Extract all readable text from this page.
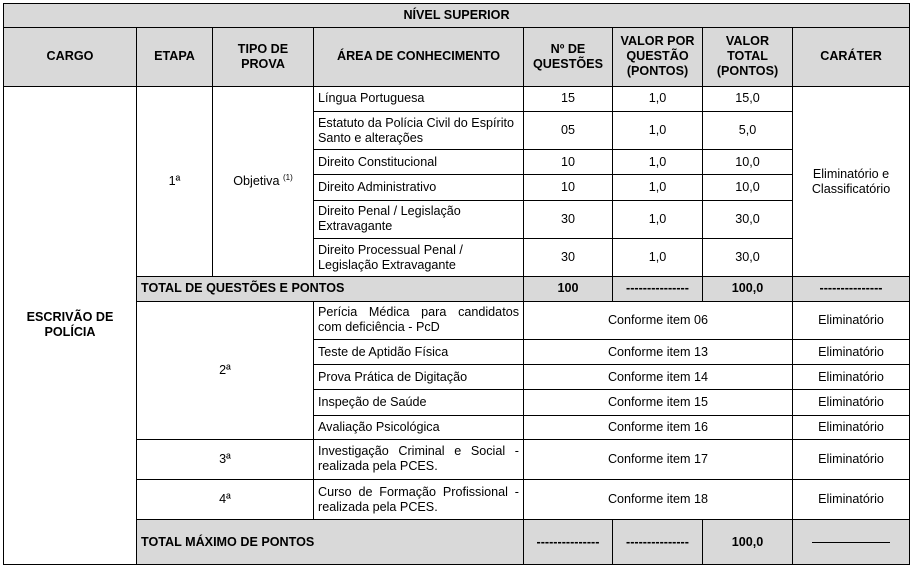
NÍVEL SUPERIOR							
CARGO	ETAPA	TIPO DE PROVA	ÁREA DE CONHECIMENTO	Nº DE QUESTÕES	VALOR POR QUESTÃO (PONTOS)	VALOR TOTAL (PONTOS)	CARÁTER
ESCRIVÃO DE POLÍCIA	1ª	Objetiva $^{(1)}$	Língua Portuguesa	15	1,0	15,0	Eliminatório e Classificatório
			Estatuto da Polícia Civil do Espírito Santo e alterações	05	1,0	5,0	
			Direito Constitucional	10	1,0	10,0	
			Direito Administrativo	10	1,0	10,0	
			Direito Penal / Legislação Extravagante	30	1,0	30,0	
			Direito Processual Penal / Legislação Extravagante	30	1,0	30,0	
	TOTAL DE QUESTÕES E PONTOS			100	---------------	100,0	---------------
	2ª		Perícia Médica para candidatos com deficiência - PcD	Conforme item 06			Eliminatório
			Teste de Aptidão Física	Conforme item 13			Eliminatório
			Prova Prática de Digitação	Conforme item 14			Eliminatório
			Inspeção de Saúde	Conforme item 15			Eliminatório
			Avaliação Psicológica	Conforme item 16			Eliminatório
	3ª		Investigação Criminal e Social - realizada pela PCES.	Conforme item 17			Eliminatório
	4ª		Curso de Formação Profissional - realizada pela PCES.	Conforme item 18			Eliminatório
	TOTAL MÁXIMO DE PONTOS			---------------	---------------	100,0	
